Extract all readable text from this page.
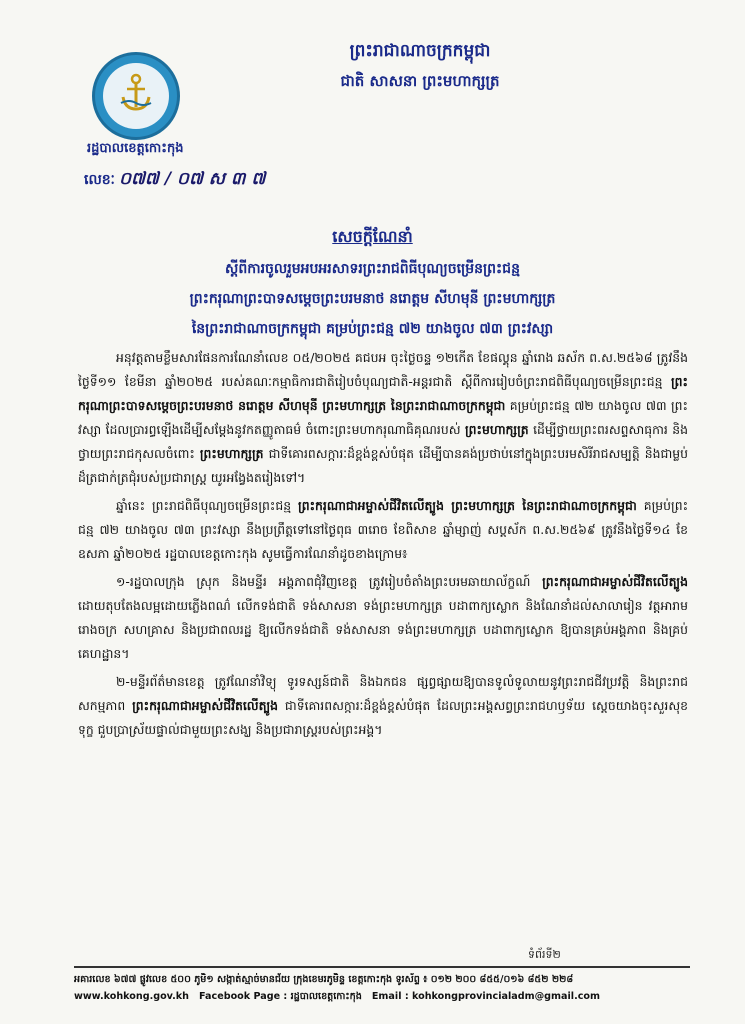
រដ្ឋបាលខេត្តកោះកុង
លេខៈ ០៧៧ / ០៧ ស ៣ ៧
ព្រះរាជាណាចក្រកម្ពុជា
ជាតិ សាសនា ព្រះមហាក្សត្រ
សេចក្តីណែនាំ
ស្តីពីការចូលរួមអបអរសាទរព្រះរាជពិធីបុណ្យចម្រើនព្រះជន្ម
ព្រះករុណាព្រះបាទសម្តេចព្រះបរមនាថ នរោត្តម សីហមុនី ព្រះមហាក្សត្រ
នៃព្រះរាជាណាចក្រកម្ពុជា គម្រប់ព្រះជន្ម ៧២ យាងចូល ៧៣ ព្រះវស្សា

អនុវត្តតាមខ្លឹមសារផែនការណែនាំលេខ ០៥/២០២៥ គជបអ ចុះថ្ងៃចន្ទ ១២កើត ខែផល្គុន ឆ្នាំរោង ឆស័ក ព.ស.២៥៦៨ ត្រូវនឹងថ្ងៃទី១១ ខែមីនា ឆ្នាំ២០២៥ របស់គណៈកម្មាធិការជាតិរៀបចំបុណ្យជាតិ-អន្តរជាតិ ស្តីពីការរៀបចំព្រះរាជពិធីបុណ្យចម្រើនព្រះជន្ម ព្រះករុណាព្រះបាទសម្តេចព្រះបរមនាថ នរោត្តម សីហមុនី ព្រះមហាក្សត្រ នៃព្រះរាជាណាចក្រកម្ពុជា គម្រប់ព្រះជន្ម ៧២ យាងចូល ៧៣ ព្រះវស្សា ដែលប្រារព្ធឡើងដើម្បីសម្តែងនូវកតញ្ញូតាធម៌ ចំពោះព្រះមហាករុណាធិគុណរបស់ ព្រះមហាក្សត្រ ដើម្បីថ្វាយព្រះពរសព្ទសាធុការ និងថ្វាយព្រះរាជកុសលចំពោះ ព្រះមហាក្សត្រ ជាទីគោរពសក្ការៈដ៏ខ្ពង់ខ្ពស់បំផុត ដើម្បីបានគង់ប្រថាប់នៅក្នុងព្រះបរមសិរីរាជសម្បត្តិ និងជាម្លប់ដ៏ត្រជាក់ត្រជុំរបស់ប្រជារាស្ត្រ យូរអង្វែងតរៀងទៅ។

ឆ្នាំនេះ ព្រះរាជពិធីបុណ្យចម្រើនព្រះជន្ម ព្រះករុណាជាអម្ចាស់ជីវិតលើត្បូង ព្រះមហាក្សត្រ នៃព្រះរាជាណាចក្រកម្ពុជា គម្រប់ព្រះជន្ម ៧២ យាងចូល ៧៣ ព្រះវស្សា នឹងប្រព្រឹត្តទៅនៅថ្ងៃពុធ ៣រោច ខែពិសាខ ឆ្នាំម្សាញ់ សប្តស័ក ព.ស.២៥៦៩ ត្រូវនឹងថ្ងៃទី១៤ ខែឧសភា ឆ្នាំ២០២៥ រដ្ឋបាលខេត្តកោះកុង សូមធ្វើការណែនាំដូចខាងក្រោម៖

១-រដ្ឋបាលក្រុង ស្រុក និងមន្ទីរ អង្គភាពជុំវិញខេត្ត ត្រូវរៀបចំតាំងព្រះបរមឆាយាល័ក្ខណ៍ ព្រះករុណាជាអម្ចាស់ជីវិតលើត្បូង ដោយតុបតែងលម្អដោយភ្លើងពណ៌ លើកទង់ជាតិ ទង់សាសនា ទង់ព្រះមហាក្សត្រ បដាពាក្យស្លោក និងណែនាំដល់សាលារៀន វត្តអារាម រោងចក្រ សហគ្រាស និងប្រជាពលរដ្ឋ ឱ្យលើកទង់ជាតិ ទង់សាសនា ទង់ព្រះមហាក្សត្រ បដាពាក្យស្លោក ឱ្យបានគ្រប់អង្គភាព និងគ្រប់គេហដ្ឋាន។

២-មន្ទីរព័ត៌មានខេត្ត ត្រូវណែនាំវិទ្យុ ទូរទស្សន៍ជាតិ និងឯកជន ផ្សព្វផ្សាយឱ្យបានទូលំទូលាយនូវព្រះរាជជីវប្រវត្តិ និងព្រះរាជសកម្មភាព ព្រះករុណាជាអម្ចាស់ជីវិតលើត្បូង ជាទីគោរពសក្ការៈដ៏ខ្ពង់ខ្ពស់បំផុត ដែលព្រះអង្គសព្វព្រះរាជហឫទ័យ ស្តេចយាងចុះសួរសុខទុក្ខ ជួបប្រាស្រ័យផ្ទាល់ជាមួយព្រះសង្ឃ និងប្រជារាស្ត្ររបស់ព្រះអង្គ។

ទំព័រទី២
អគារលេខ ៦៧៧ ផ្លូវលេខ ៥០០ ភូមិ១ សង្កាត់ស្មាច់មានជ័យ ក្រុងខេមរភូមិន្ទ ខេត្តកោះកុង ទូរស័ព្ទ ៖ ០១២ ២០០ ៨៥៥/០១៦ ៨៥២ ២២៨
www.kohkong.gov.kh Facebook Page : រដ្ឋបាលខេត្តកោះកុង Email : kohkongprovincialadm@gmail.com
